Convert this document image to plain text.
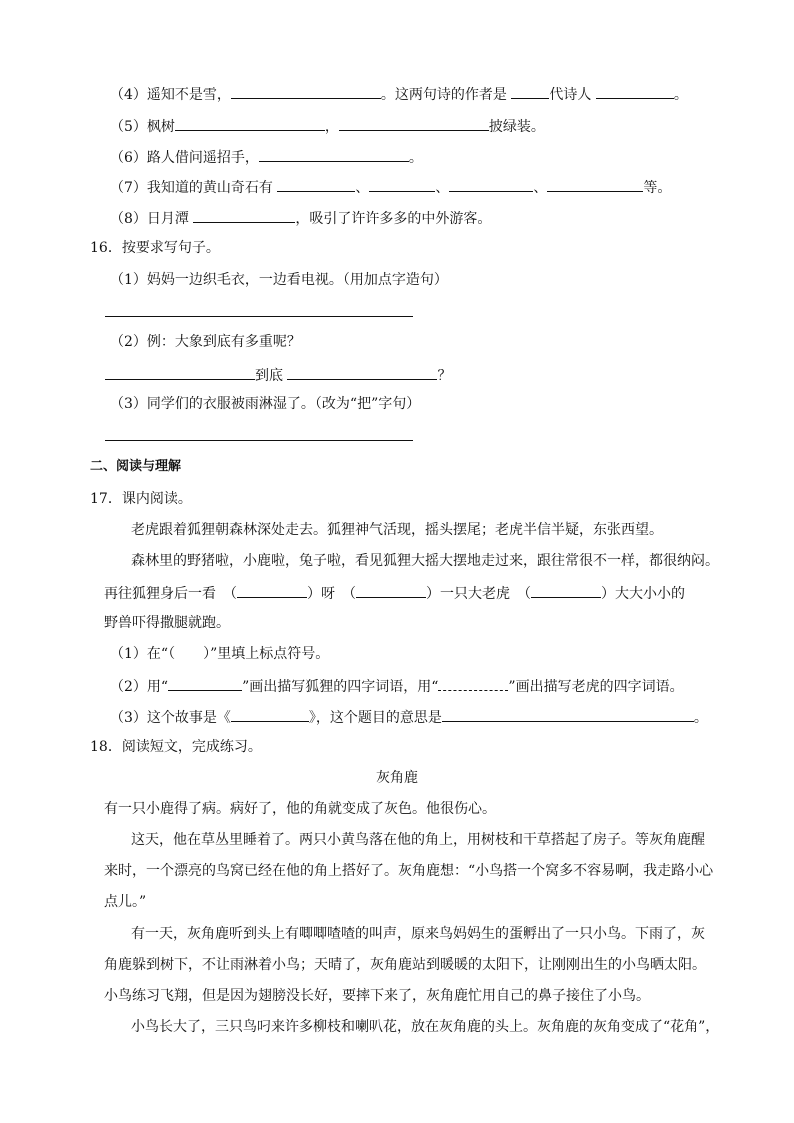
（4）遥知不是雪，	。这两句诗的作者是	代诗人	。
（5）枫树	，	披绿装。
（6）路人借问遥招手，	。
（7）我知道的黄山奇石有	、	、	、	等。
（8）日月潭	，吸引了许许多多的中外游客。
16．按要求写句子。
（1）妈妈一边织毛衣，一边看电视。（用加点字造句）
（2）例：大象到底有多重呢？
到底	？
（3）同学们的衣服被雨淋湿了。（改为“把”字句）
二、阅读与理解
17．课内阅读。
老虎跟着狐狸朝森林深处走去。狐狸神气活现，摇头摆尾；老虎半信半疑，东张西望。
森林里的野猪啦，小鹿啦，兔子啦，看见狐狸大摇大摆地走过来，跟往常很不一样，都很纳闷。
再往狐狸身后一看　（	）呀　（	）一只大老虎　（	）大大小小的
野兽吓得撒腿就跑。
（1）在“（　　）”里填上标点符号。
（2）用“	”画出描写狐狸的四字词语，用“	”画出描写老虎的四字词语。
（3）这个故事是《	》，这个题目的意思是	。
18．阅读短文，完成练习。
灰角鹿
有一只小鹿得了病。病好了，他的角就变成了灰色。他很伤心。
这天，他在草丛里睡着了。两只小黄鸟落在他的角上，用树枝和干草搭起了房子。等灰角鹿醒
来时，一个漂亮的鸟窝已经在他的角上搭好了。灰角鹿想：“小鸟搭一个窝多不容易啊，我走路小心
点儿。”
有一天，灰角鹿听到头上有唧唧喳喳的叫声，原来鸟妈妈生的蛋孵出了一只小鸟。下雨了，灰
角鹿躲到树下，不让雨淋着小鸟；天晴了，灰角鹿站到暖暖的太阳下，让刚刚出生的小鸟晒太阳。
小鸟练习飞翔，但是因为翅膀没长好，要摔下来了，灰角鹿忙用自己的鼻子接住了小鸟。
小鸟长大了，三只鸟叼来许多柳枝和喇叭花，放在灰角鹿的头上。灰角鹿的灰角变成了“花角”，
